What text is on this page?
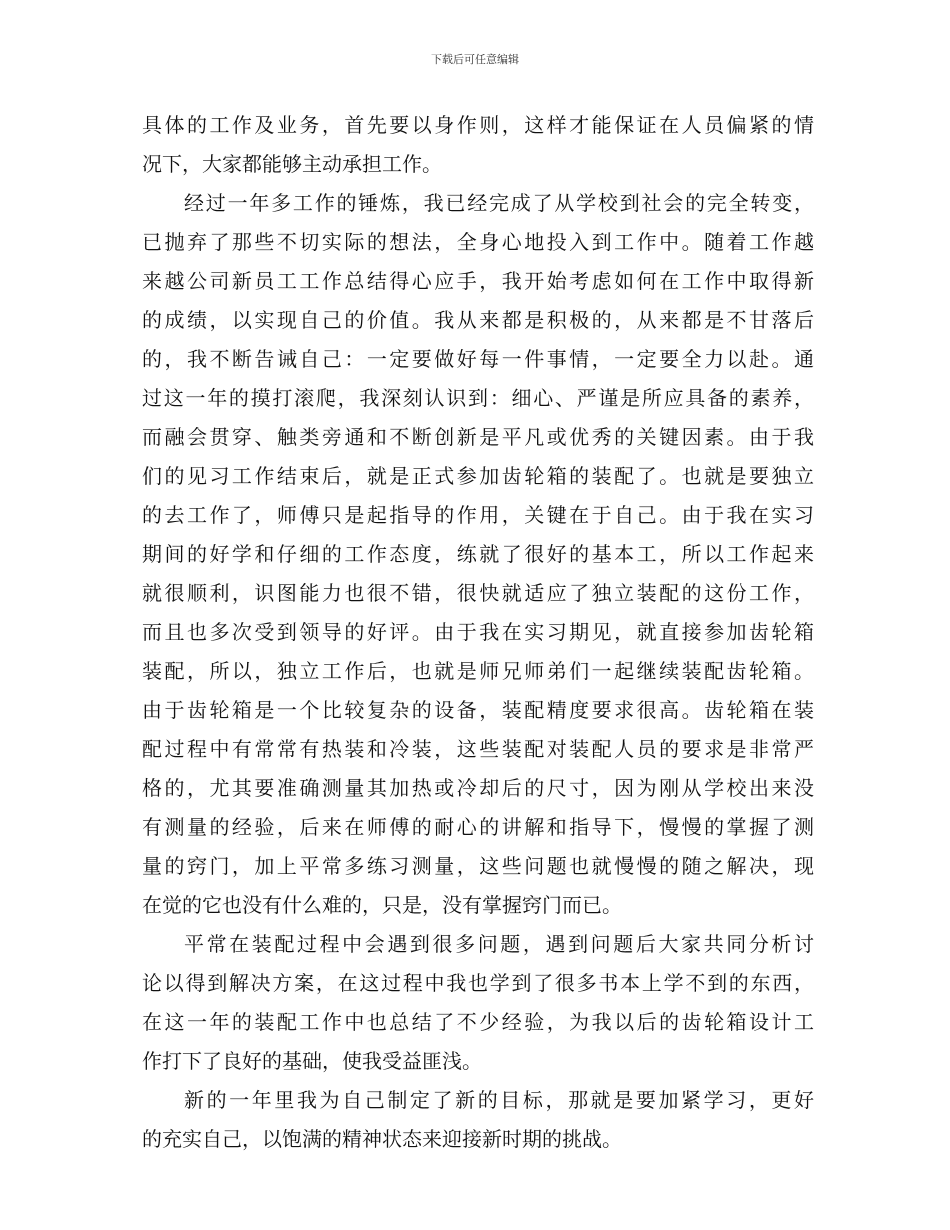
下载后可任意编辑
具体的工作及业务，首先要以身作则，这样才能保证在人员偏紧的情
况下，大家都能够主动承担工作。
经过一年多工作的锤炼，我已经完成了从学校到社会的完全转变，
已抛弃了那些不切实际的想法，全身心地投入到工作中。随着工作越
来越公司新员工工作总结得心应手，我开始考虑如何在工作中取得新
的成绩，以实现自己的价值。我从来都是积极的，从来都是不甘落后
的，我不断告诫自己：一定要做好每一件事情，一定要全力以赴。通
过这一年的摸打滚爬，我深刻认识到：细心、严谨是所应具备的素养，
而融会贯穿、触类旁通和不断创新是平凡或优秀的关键因素。由于我
们的见习工作结束后，就是正式参加齿轮箱的装配了。也就是要独立
的去工作了，师傅只是起指导的作用，关键在于自己。由于我在实习
期间的好学和仔细的工作态度，练就了很好的基本工，所以工作起来
就很顺利，识图能力也很不错，很快就适应了独立装配的这份工作，
而且也多次受到领导的好评。由于我在实习期见，就直接参加齿轮箱
装配，所以，独立工作后，也就是师兄师弟们一起继续装配齿轮箱。
由于齿轮箱是一个比较复杂的设备，装配精度要求很高。齿轮箱在装
配过程中有常常有热装和冷装，这些装配对装配人员的要求是非常严
格的，尤其要准确测量其加热或冷却后的尺寸，因为刚从学校出来没
有测量的经验，后来在师傅的耐心的讲解和指导下，慢慢的掌握了测
量的窍门，加上平常多练习测量，这些问题也就慢慢的随之解决，现
在觉的它也没有什么难的，只是，没有掌握窍门而已。
平常在装配过程中会遇到很多问题，遇到问题后大家共同分析讨
论以得到解决方案，在这过程中我也学到了很多书本上学不到的东西，
在这一年的装配工作中也总结了不少经验，为我以后的齿轮箱设计工
作打下了良好的基础，使我受益匪浅。
新的一年里我为自己制定了新的目标，那就是要加紧学习，更好
的充实自己，以饱满的精神状态来迎接新时期的挑战。
